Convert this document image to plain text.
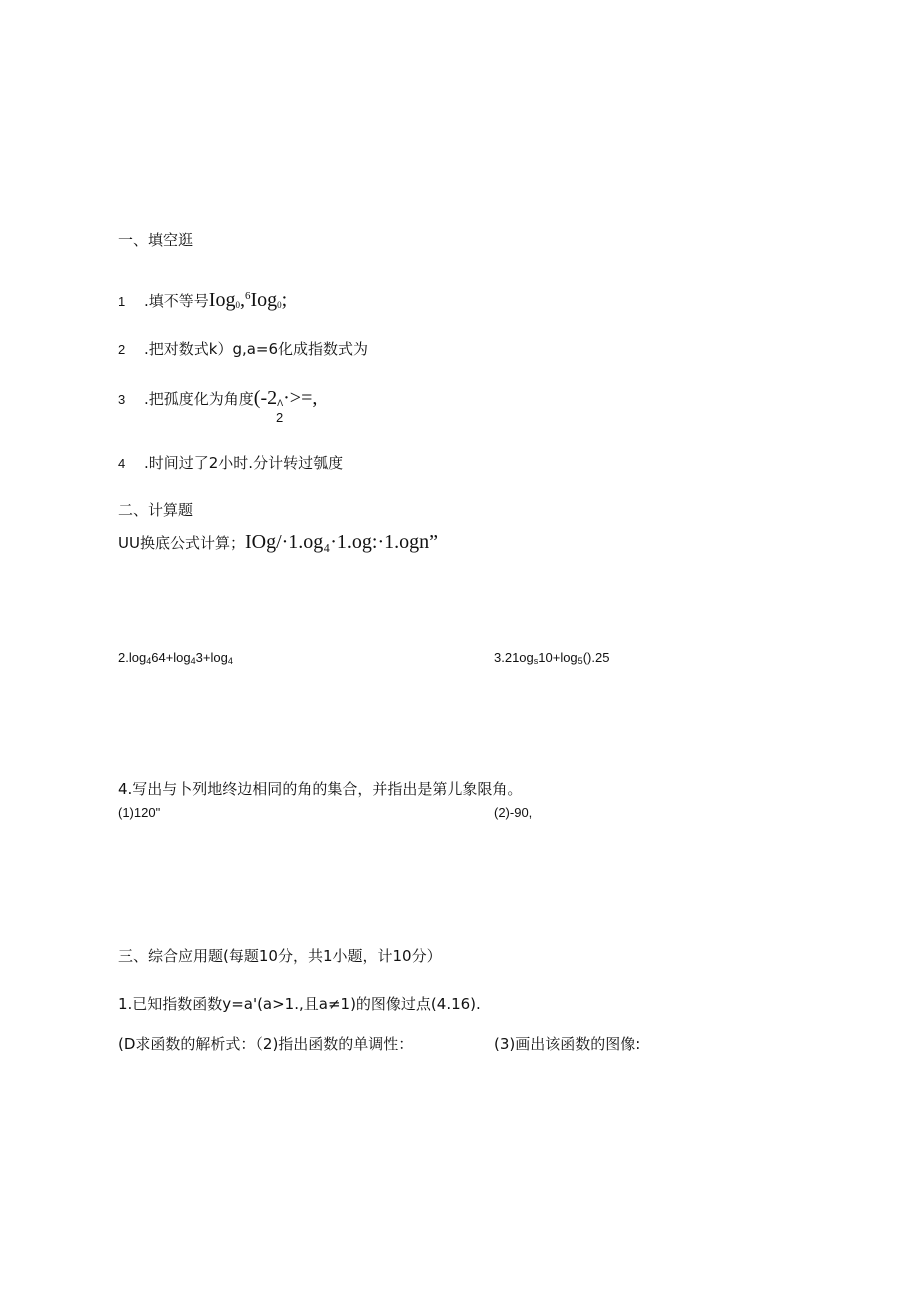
一、填空逛
1 .填不等号Iog$_0$,$^6$Iog$_0$;
2 .把对数式k）g,a=6化成指数式为
3 .把孤度化为角度($-2_\Lambda\cdot>=$,
2
4 .时间过了2小时.分计转过瓠度
二、计算题
UU换底公式计算；IOg/·1.og₄·1.og:·1.ogn”
$2.\log_464+\log_43+\log_4$	$3.21og_s10+\log_5().25$
4.写出与卜列地终边相同的角的集合，并指出是第儿象限角。
(1)120"	(2)-90,
三、综合应用题(每题10分，共1小题，计10分）
1.已知指数函数y=a'(a>1.,且a≠1)的图像过点(4.16).
(D求函数的解析式：（2)指出函数的单调性：	(3)画出该函数的图像:
